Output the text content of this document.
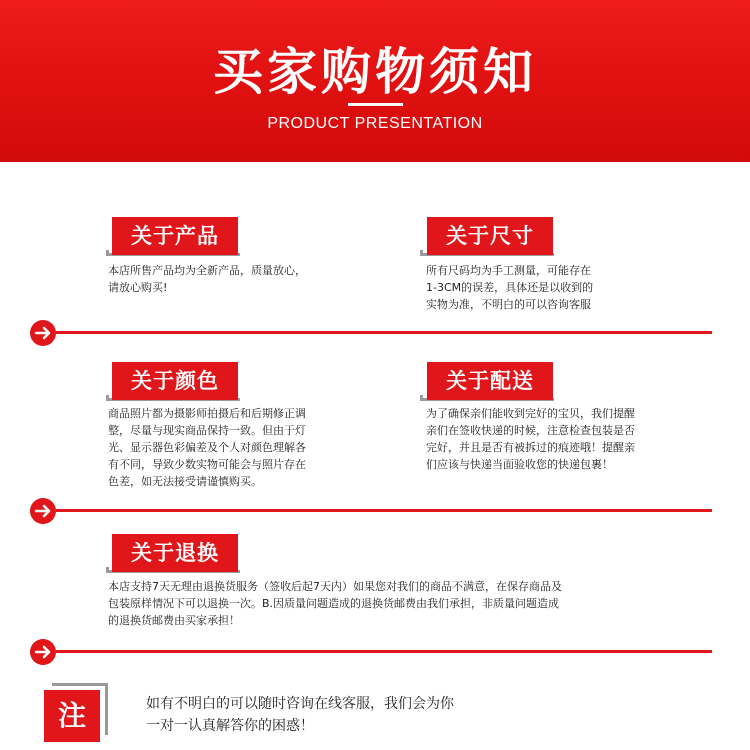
买家购物须知
PRODUCT PRESENTATION
关于产品
本店所售产品均为全新产品，质量放心，
请放心购买!
关于尺寸
所有尺码均为手工测量，可能存在
1-3CM的误差，具体还是以收到的
实物为准，不明白的可以咨询客服
关于颜色
商品照片都为摄影师拍摄后和后期修正调
整，尽量与现实商品保持一致。但由于灯
光、显示器色彩偏差及个人对颜色理解各
有不同，导致少数实物可能会与照片存在
色差，如无法接受请谨慎购买。
关于配送
为了确保亲们能收到完好的宝贝，我们提醒
亲们在签收快递的时候，注意检查包装是否
完好，并且是否有被拆过的痕迹哦！提醒亲
们应该与快递当面验收您的快递包裹！
关于退换
本店支持7天无理由退换货服务（签收后起7天内）如果您对我们的商品不满意，在保存商品及
包装原样情况下可以退换一次。B.因质量问题造成的退换货邮费由我们承担，非质量问题造成
的退换货邮费由买家承担！
注	如有不明白的可以随时咨询在线客服，我们会为你
一对一认真解答你的困惑！
